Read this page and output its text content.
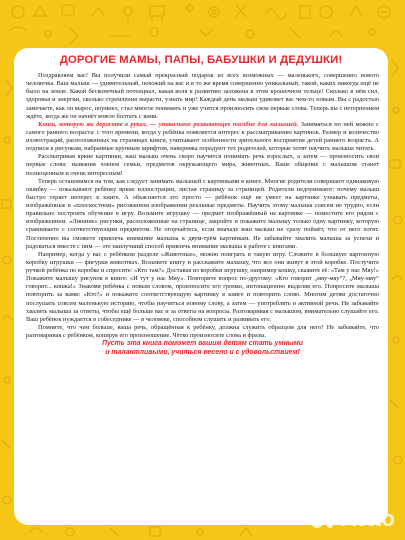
ДОРОГИЕ МАМЫ, ПАПЫ, БАБУШКИ И ДЕДУШКИ!

Поздравляем вас! Вы получили самый прекрасный подарок из всех возможных — маленького, совершенно нового человечка. Ваш малыш — удивительный, похожий на вас и в то же время совершенно уникальный, такой, каких никогда ещё не было на земле. Какой бесконечный потенциал, какая воля к развитию заложена в этом крошечном тельце! Сколько в нём сил, здоровья и энергии, сколько стремления вырасти, узнать мир! Каждый день малыш удивляет вас чем-то новым. Вы с радостью замечаете, как он вырос, поумнел, стал многое понимать и уже учится произносить свои первые слова. Теперь вы с нетерпением ждёте, когда же он начнёт вовсю болтать с вами.

Книга, которую вы держите в руках, — уникальное развивающее пособие для малышей. Заниматься по ней можно с самого раннего возраста: с того времени, когда у ребёнка появляется интерес к рассматриванию картинок. Размер и количество иллюстраций, расположенных на страницах книги, учитывают особенности зрительного восприятия детей раннего возраста. А подписи к рисункам, набранные крупным шрифтом, наверняка порадуют тех родителей, которые хотят научить малыша читать.

Рассматривая яркие картинки, ваш малыш очень скоро научится понимать речь взрослых, а затем — произносить свои первые слова: названия членов семьи, предметов окружающего мира, животных. Ваше общение с малышом станет полноценным и очень интересным!

Теперь остановимся на том, как следует занимать малышей с картинками в книге. Многие родители совершают одинаковую ошибку — показывают ребёнку яркие иллюстрации, листая страницу за страницей. Родители недоумевают: почему малыш быстро теряет интерес к книге. А объясняется это просто — ребёнок ещё не умеет на картинке узнавать предметы, изображённые в «плоскостном» рисованном изображении реальные предметы. Научить этому малыша совсем не трудно, если правильно построить обучение в игру. Возьмите игрушку — предмет изображённый на картинке — поместите его рядом с изображением. «Лишние» рисунки, расположенные на странице, закройте и покажите малышу только одну картинку, которую сравниваете с соответствующим предметом. Не огорчайтесь, если вначале ваш малыш не сразу поймёт, что от него хотят. Постепенно вы сможете привлечь внимание малыша к двум-трём картинкам. Не забывайте хвалить малыша за успехи и радоваться вместе с ним — это наилучший способ привлечь внимание малыша к работе с книгами.

Например, когда у вас с ребёнком разделе «Животные», можно поиграть в такую игру. Сложите в большую картонную коробку игрушки — фигурки животных. Возьмите книгу и расскажите малышу, что все они живут в этой коробке. Постучите ручкой ребёнка по коробке и спросите: «Кто там?» Доставая из коробки игрушку, например кошку, скажите её: «Там у нас Мяу!» Покажите малышу рисунок в книге: «И тут у нас Мяу». Повторите вопрос по-другому: «Кто говорит „мяу-мяу“?, „Мяу-мяу“ говорит... кошка!» Знакомя ребёнка с новым словом, произносите его громко, интонационно выделяя его. Попросите малыша повторить за вами: «Кто?» и покажите соответствующую картинку в книге и повторить слово. Многим детям достаточно послушать совсем маленькую историю, чтобы научиться новому слову, а затем — употреблять в активной речи. Не забывайте хвалить малыша за ответы, чтобы ещё больше вас и за ответы на вопросы. Разговаривая с малышом, внимательно слушайте его. Ваш ребёнок нуждается в собеседнике — в человеке, способном слушать и развивать его.

Помните, что чем больше, ваша речь, обращённая к ребёнку, должна служить образцом для него! Не забывайте, что разговаривая с ребёнком, копируя его произношение. Чётко произносите слова и фразы.

Пусть эта книга поможет вашим детям стать умными

и талантливыми, учиться весело и с удовольствием!

Avito
